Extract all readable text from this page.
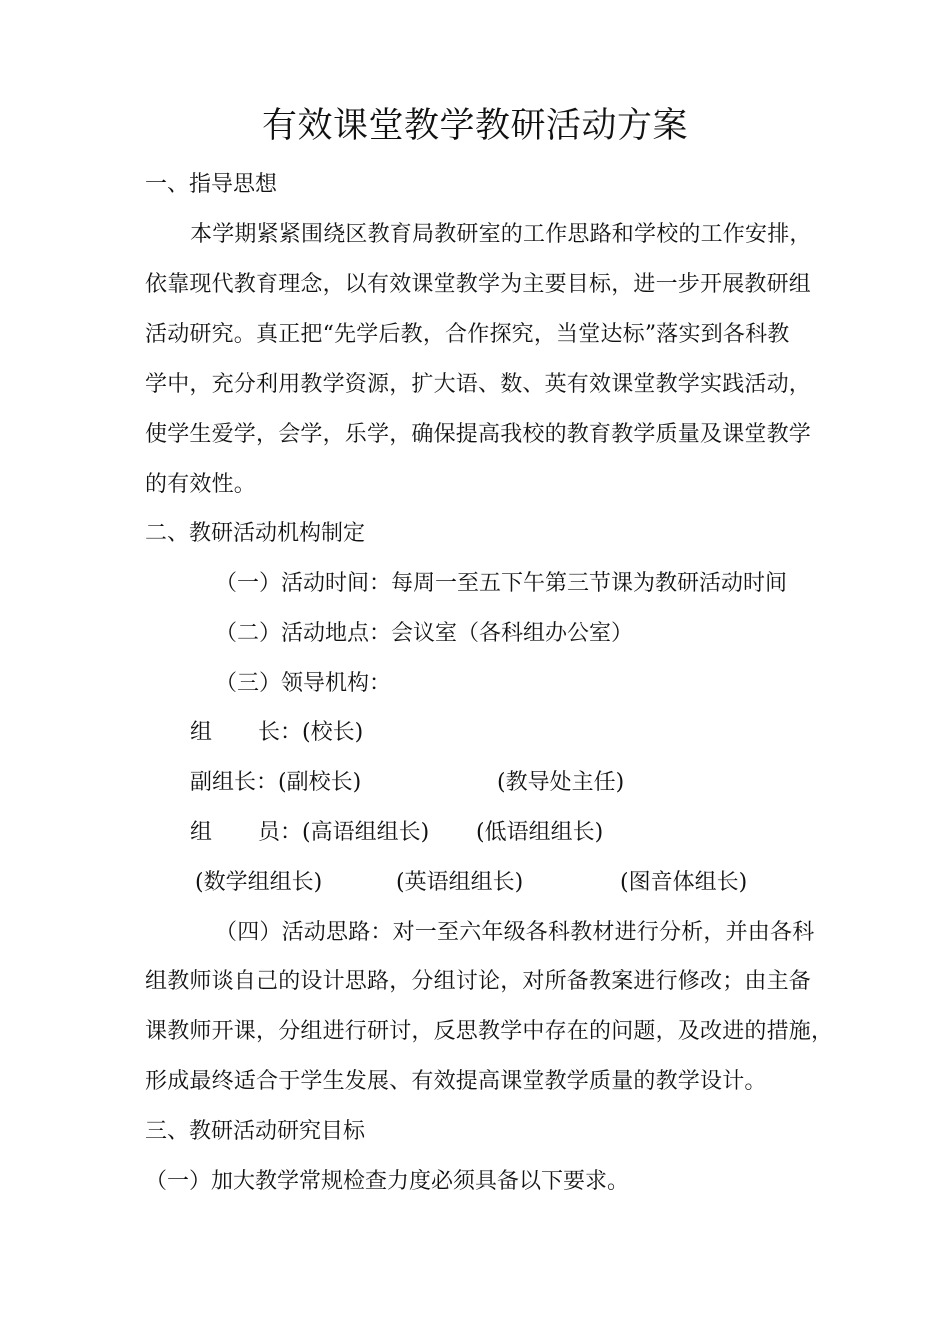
有效课堂教学教研活动方案
一、指导思想
本学期紧紧围绕区教育局教研室的工作思路和学校的工作安排，
依靠现代教育理念，以有效课堂教学为主要目标，进一步开展教研组
活动研究。真正把“先学后教，合作探究，当堂达标”落实到各科教
学中，充分利用教学资源，扩大语、数、英有效课堂教学实践活动，
使学生爱学，会学，乐学，确保提高我校的教育教学质量及课堂教学
的有效性。
二、教研活动机构制定
（一）活动时间：每周一至五下午第三节课为教研活动时间
（二）活动地点：会议室（各科组办公室）
（三）领导机构：
组 长：(校长)
副组长：(副校长)	(教导处主任)
组 员：(高语组组长) (低语组组长)
(数学组组长)	(英语组组长)	(图音体组长)
（四）活动思路：对一至六年级各科教材进行分析，并由各科
组教师谈自己的设计思路，分组讨论，对所备教案进行修改；由主备
课教师开课，分组进行研讨，反思教学中存在的问题，及改进的措施，
形成最终适合于学生发展、有效提高课堂教学质量的教学设计。
三、教研活动研究目标
（一）加大教学常规检查力度必须具备以下要求。
